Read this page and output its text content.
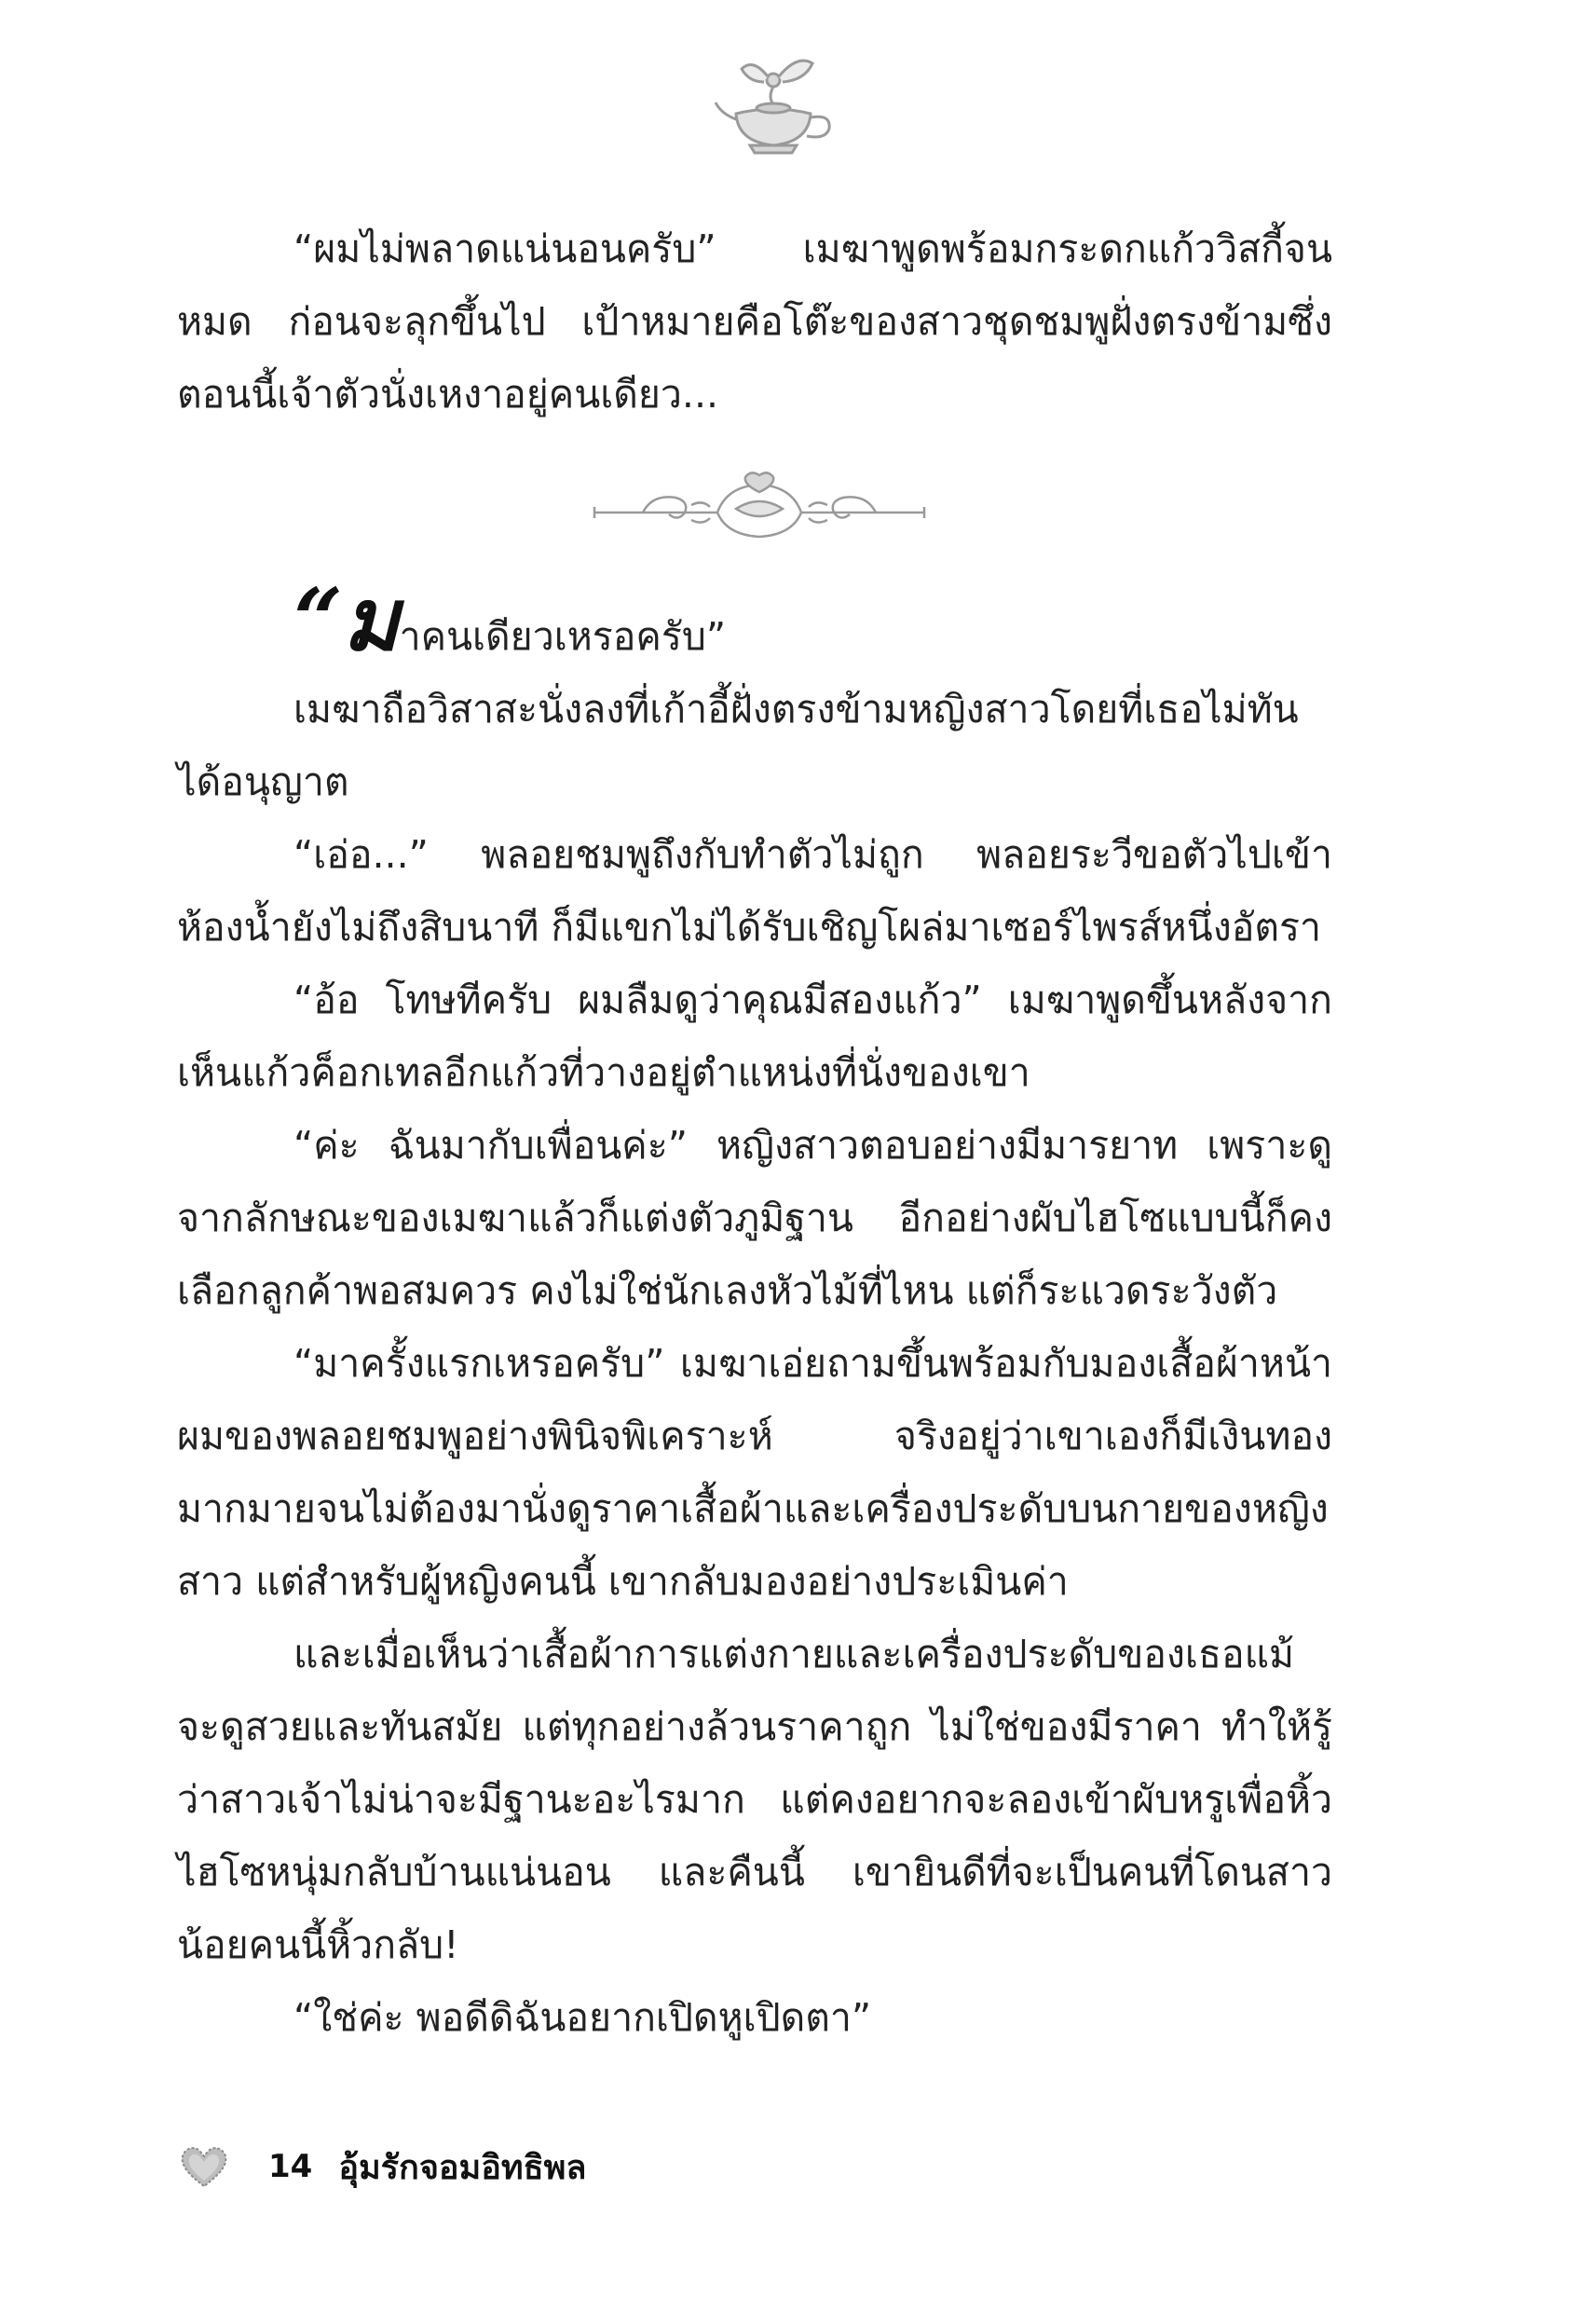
“ผมไม่พลาดแน่นอนครับ” เมฆาพูดพร้อมกระดกแก้ววิสกี้จนหมด ก่อนจะลุกขึ้นไป เป้าหมายคือโต๊ะของสาวชุดชมพูฝั่งตรงข้ามซึ่งตอนนี้เจ้าตัวนั่งเหงาอยู่คนเดียว...

“มาคนเดียวเหรอครับ”

เมฆาถือวิสาสะนั่งลงที่เก้าอี้ฝั่งตรงข้ามหญิงสาวโดยที่เธอไม่ทันได้อนุญาต

“เอ่อ...” พลอยชมพูถึงกับทำตัวไม่ถูก พลอยระวีขอตัวไปเข้าห้องน้ำยังไม่ถึงสิบนาที ก็มีแขกไม่ได้รับเชิญโผล่มาเซอร์ไพรส์หนึ่งอัตรา

“อ้อ โทษทีครับ ผมลืมดูว่าคุณมีสองแก้ว” เมฆาพูดขึ้นหลังจากเห็นแก้วค็อกเทลอีกแก้วที่วางอยู่ตำแหน่งที่นั่งของเขา

“ค่ะ ฉันมากับเพื่อนค่ะ” หญิงสาวตอบอย่างมีมารยาท เพราะดูจากลักษณะของเมฆาแล้วก็แต่งตัวภูมิฐาน อีกอย่างผับไฮโซแบบนี้ก็คงเลือกลูกค้าพอสมควร คงไม่ใช่นักเลงหัวไม้ที่ไหน แต่ก็ระแวดระวังตัว

“มาครั้งแรกเหรอครับ” เมฆาเอ่ยถามขึ้นพร้อมกับมองเสื้อผ้าหน้าผมของพลอยชมพูอย่างพินิจพิเคราะห์ จริงอยู่ว่าเขาเองก็มีเงินทองมากมายจนไม่ต้องมานั่งดูราคาเสื้อผ้าและเครื่องประดับบนกายของหญิงสาว แต่สำหรับผู้หญิงคนนี้ เขากลับมองอย่างประเมินค่า

และเมื่อเห็นว่าเสื้อผ้าการแต่งกายและเครื่องประดับของเธอแม้จะดูสวยและทันสมัย แต่ทุกอย่างล้วนราคาถูก ไม่ใช่ของมีราคา ทำให้รู้ว่าสาวเจ้าไม่น่าจะมีฐานะอะไรมาก แต่คงอยากจะลองเข้าผับหรูเพื่อหิ้วไฮโซหนุ่มกลับบ้านแน่นอน และคืนนี้ เขายินดีที่จะเป็นคนที่โดนสาวน้อยคนนี้หิ้วกลับ!

“ใช่ค่ะ พอดีดิฉันอยากเปิดหูเปิดตา”

14 อุ้มรักจอมอิทธิพล
